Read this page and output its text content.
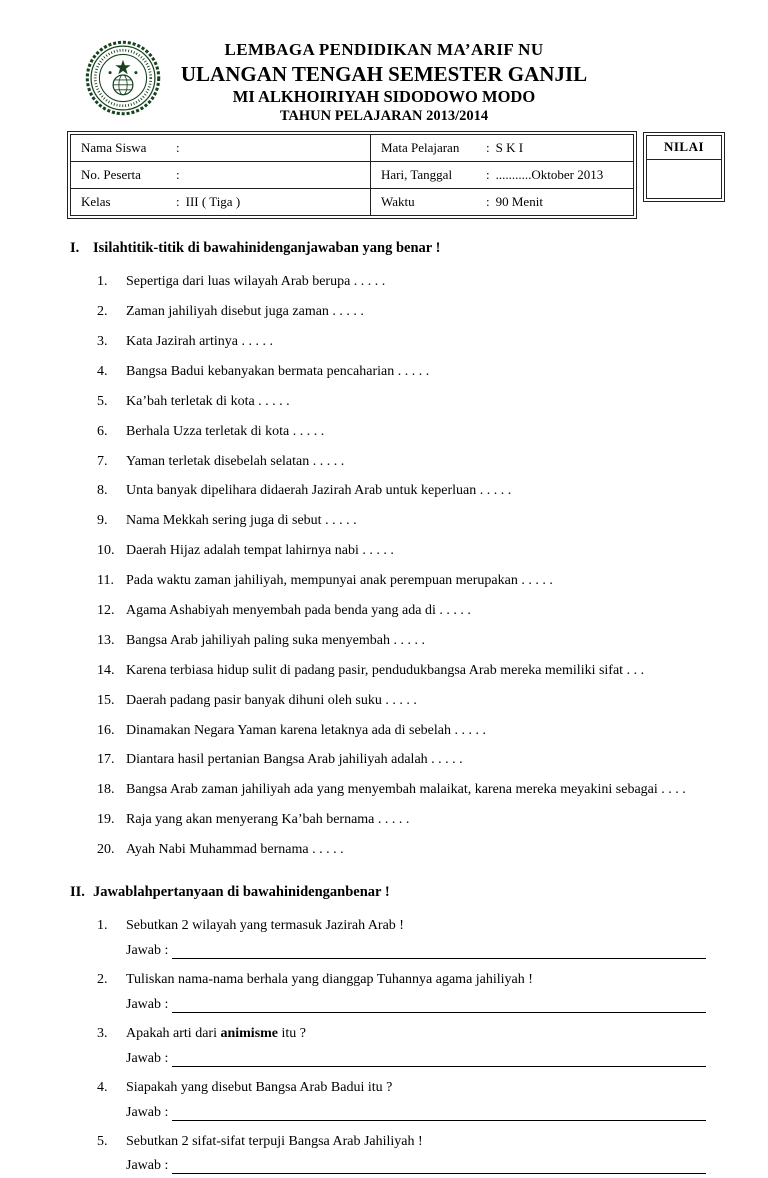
LEMBAGA PENDIDIKAN MA’ARIF NU
ULANGAN TENGAH SEMESTER GANJIL
MI ALKHOIRIYAH SIDODOWO MODO
TAHUN PELAJARAN 2013/2014
Nama Siswa	:	Mata Pelajaran	: S K I
No. Peserta	:	Hari, Tanggal	: ...........Oktober 2013
Kelas	: III ( Tiga )	Waktu	: 90 Menit
NILAI
I. Isilahtitik-titik di bawahinidenganjawaban yang benar !
1.	Sepertiga dari luas wilayah Arab berupa . . . . .
2.	Zaman jahiliyah disebut juga zaman . . . . .
3.	Kata Jazirah artinya . . . . .
4.	Bangsa Badui kebanyakan bermata pencaharian . . . . .
5.	Ka’bah terletak di kota . . . . .
6.	Berhala Uzza terletak di kota . . . . .
7.	Yaman terletak disebelah selatan . . . . .
8.	Unta banyak dipelihara didaerah Jazirah Arab untuk keperluan . . . . .
9.	Nama Mekkah sering juga di sebut . . . . .
10. Daerah Hijaz adalah tempat lahirnya nabi . . . . .
11. Pada waktu zaman jahiliyah, mempunyai anak perempuan merupakan . . . . .
12. Agama Ashabiyah menyembah pada benda yang ada di . . . . .
13. Bangsa Arab jahiliyah paling suka menyembah . . . . .
14. Karena terbiasa hidup sulit di padang pasir, pendudukbangsa Arab mereka memiliki sifat . . .
15. Daerah padang pasir banyak dihuni oleh suku . . . . .
16. Dinamakan Negara Yaman karena letaknya ada di sebelah . . . . .
17. Diantara hasil pertanian Bangsa Arab jahiliyah adalah . . . . .
18. Bangsa Arab zaman jahiliyah ada yang menyembah malaikat, karena mereka meyakini sebagai . . . .
19. Raja yang akan menyerang Ka’bah bernama . . . . .
20. Ayah Nabi Muhammad bernama . . . . .
II. Jawablahpertanyaan di bawahinidenganbenar !
1.	Sebutkan 2 wilayah yang termasuk Jazirah Arab !
Jawab :
2.	Tuliskan nama-nama berhala yang dianggap Tuhannya agama jahiliyah !
Jawab :
3.	Apakah arti dari animisme itu ?
Jawab :
4.	Siapakah yang disebut Bangsa Arab Badui itu ?
Jawab :
5.	Sebutkan 2 sifat-sifat terpuji Bangsa Arab Jahiliyah !
Jawab :
